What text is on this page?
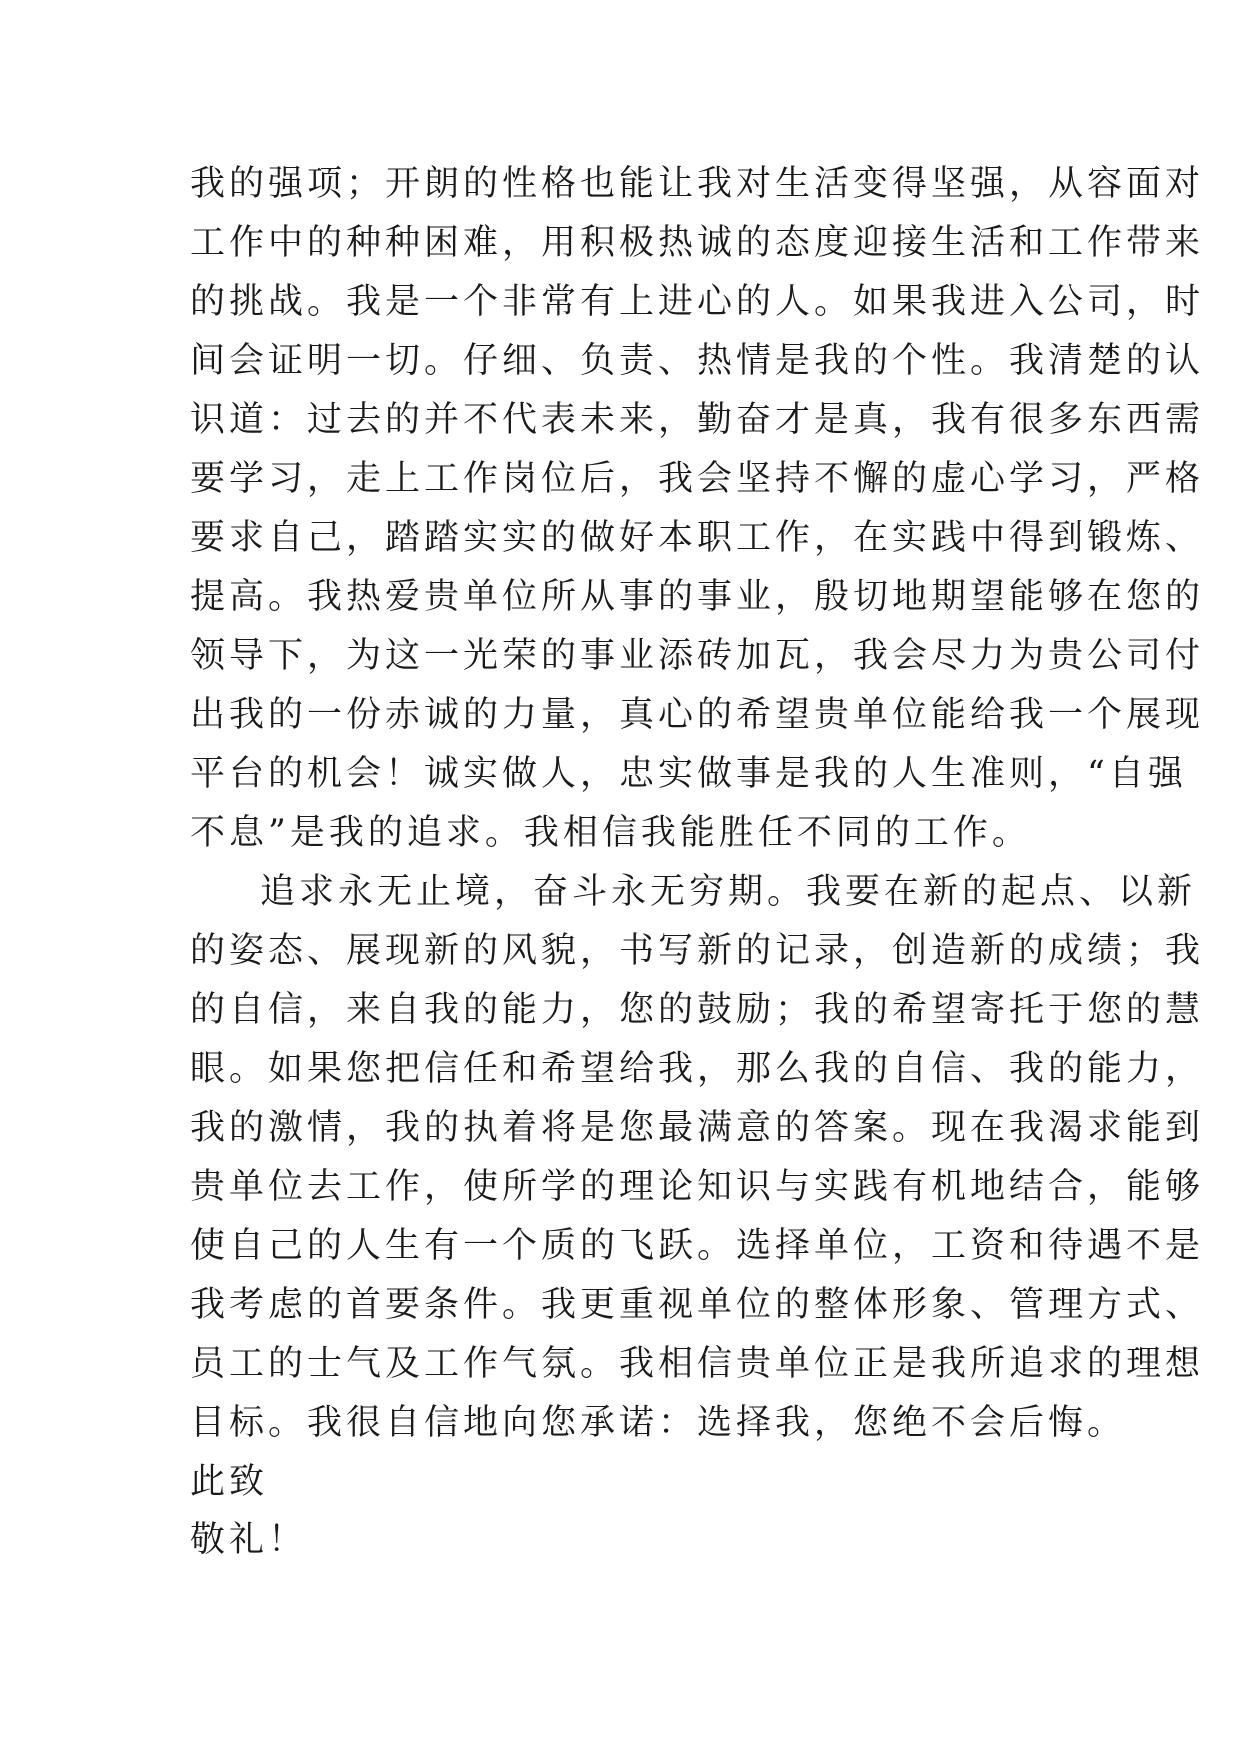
我的强项；开朗的性格也能让我对生活变得坚强，从容面对
工作中的种种困难，用积极热诚的态度迎接生活和工作带来
的挑战。我是一个非常有上进心的人。如果我进入公司，时
间会证明一切。仔细、负责、热情是我的个性。我清楚的认
识道：过去的并不代表未来，勤奋才是真，我有很多东西需
要学习，走上工作岗位后，我会坚持不懈的虚心学习，严格
要求自己，踏踏实实的做好本职工作，在实践中得到锻炼、
提高。我热爱贵单位所从事的事业，殷切地期望能够在您的
领导下，为这一光荣的事业添砖加瓦，我会尽力为贵公司付
出我的一份赤诚的力量，真心的希望贵单位能给我一个展现
平台的机会！诚实做人，忠实做事是我的人生准则，“自强
不息”是我的追求。我相信我能胜任不同的工作。
追求永无止境，奋斗永无穷期。我要在新的起点、以新
的姿态、展现新的风貌，书写新的记录，创造新的成绩；我
的自信，来自我的能力，您的鼓励；我的希望寄托于您的慧
眼。如果您把信任和希望给我，那么我的自信、我的能力，
我的激情，我的执着将是您最满意的答案。现在我渴求能到
贵单位去工作，使所学的理论知识与实践有机地结合，能够
使自己的人生有一个质的飞跃。选择单位，工资和待遇不是
我考虑的首要条件。我更重视单位的整体形象、管理方式、
员工的士气及工作气氛。我相信贵单位正是我所追求的理想
目标。我很自信地向您承诺：选择我，您绝不会后悔。
此致
敬礼！
